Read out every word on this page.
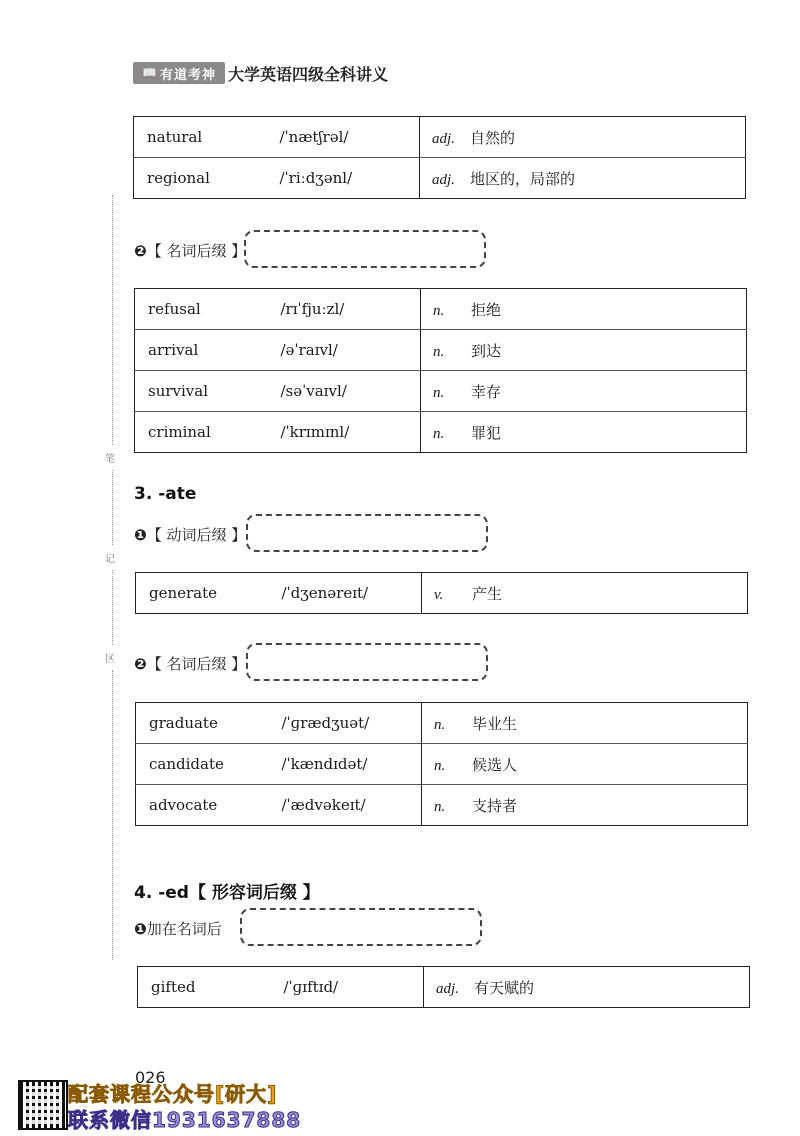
📖 有道考神 大学英语四级全科讲义
笔
记
区
natural	/ˈnætʃrəl/	adj. 自然的
regional	/ˈriːdʒənl/	adj. 地区的，局部的
❷【 名词后缀 】
refusal	/rɪˈfjuːzl/	n. 拒绝
arrival	/əˈraɪvl/	n. 到达
survival	/səˈvaɪvl/	n. 幸存
criminal	/ˈkrɪmɪnl/	n. 罪犯
3. -ate
❶【 动词后缀 】
generate	/ˈdʒenəreɪt/	v. 产生
❷【 名词后缀 】
graduate	/ˈɡrædʒuət/	n. 毕业生
candidate	/ˈkændɪdət/	n. 候选人
advocate	/ˈædvəkeɪt/	n. 支持者
4. -ed【 形容词后缀 】
❶加在名词后
gifted	/ˈɡɪftɪd/	adj. 有天赋的
026
配套课程公众号[研大]
联系微信1931637888
